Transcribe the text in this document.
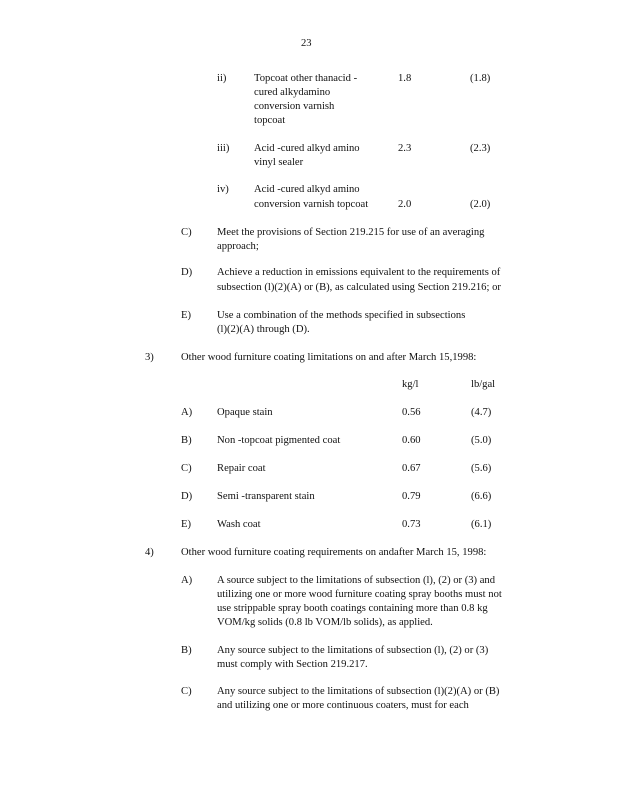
23
ii)	Topcoat other thanacid -
cured alkydamino
conversion varnish
topcoat
1.8	(1.8)
iii) Acid -cured alkyd amino
vinyl sealer
2.3	(2.3)
iv) Acid -cured alkyd amino
conversion varnish topcoat	2.0	(2.0)
C) Meet the provisions of Section 219.215 for use of an averaging
approach;
D) Achieve a reduction in emissions equivalent to the requirements of
subsection (l)(2)(A) or (B), as calculated using Section 219.216; or
E) Use a combination of the methods specified in subsections
(l)(2)(A) through (D).
3)	Other wood furniture coating limitations on and after March 15,1998:
kg/l	lb/gal
A) Opaque stain	0.56	(4.7)
B) Non -topcoat pigmented coat	0.60	(5.0)
C) Repair coat	0.67	(5.6)
D) Semi -transparent stain	0.79	(6.6)
E) Wash coat	0.73	(6.1)
4)	Other wood furniture coating requirements on andafter March 15, 1998:
A) A source subject to the limitations of subsection (l), (2) or (3) and
utilizing one or more wood furniture coating spray booths must not
use strippable spray booth coatings containing more than 0.8 kg
VOM/kg solids (0.8 lb VOM/lb solids), as applied.
B) Any source subject to the limitations of subsection (l), (2) or (3)
must comply with Section 219.217.
C) Any source subject to the limitations of subsection (l)(2)(A) or (B)
and utilizing one or more continuous coaters, must for each
